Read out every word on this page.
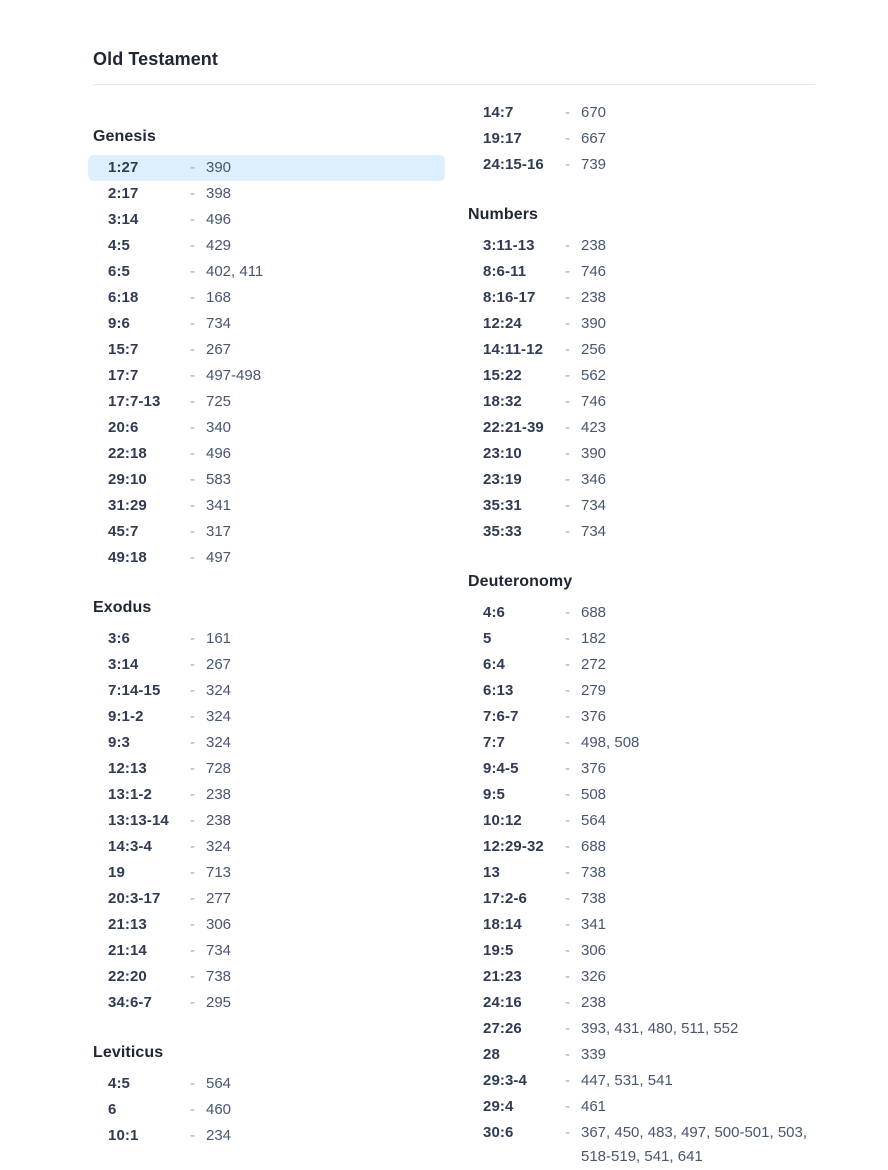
Old Testament
Genesis
1:27	- 390
2:17	- 398
3:14	- 496
4:5	- 429
6:5	- 402, 411
6:18	- 168
9:6	- 734
15:7	- 267
17:7	- 497-498
17:7-13	- 725
20:6	- 340
22:18	- 496
29:10	- 583
31:29	- 341
45:7	- 317
49:18	- 497
Exodus
3:6	- 161
3:14	- 267
7:14-15	- 324
9:1-2	- 324
9:3	- 324
12:13	- 728
13:1-2	- 238
13:13-14	- 238
14:3-4	- 324
19	- 713
20:3-17	- 277
21:13	- 306
21:14	- 734
22:20	- 738
34:6-7	- 295
Leviticus
4:5	- 564
6	- 460
10:1	- 234
14:7	- 670
19:17	- 667
24:15-16	- 739
Numbers
3:11-13	- 238
8:6-11	- 746
8:16-17	- 238
12:24	- 390
14:11-12	- 256
15:22	- 562
18:32	- 746
22:21-39	- 423
23:10	- 390
23:19	- 346
35:31	- 734
35:33	- 734
Deuteronomy
4:6	- 688
5	- 182
6:4	- 272
6:13	- 279
7:6-7	- 376
7:7	- 498, 508
9:4-5	- 376
9:5	- 508
10:12	- 564
12:29-32	- 688
13	- 738
17:2-6	- 738
18:14	- 341
19:5	- 306
21:23	- 326
24:16	- 238
27:26	- 393, 431, 480, 511, 552
28	- 339
29:3-4	- 447, 531, 541
29:4	- 461
30:6	- 367, 450, 483, 497, 500-501, 503, 518-519, 541, 641
